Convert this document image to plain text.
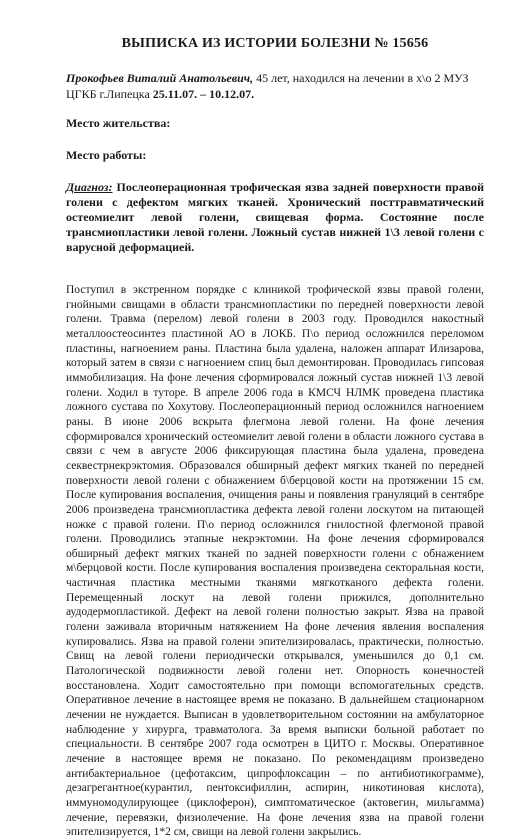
ВЫПИСКА ИЗ ИСТОРИИ БОЛЕЗНИ № 15656

Прокофьев Виталий Анатольевич, 45 лет, находился на лечении в х\о 2 МУЗ ЦГКБ г.Липецка 25.11.07. – 10.12.07.

Место жительства:

Место работы:

Диагноз: Послеоперационная трофическая язва задней поверхности правой голени с дефектом мягких тканей. Хронический посттравматический остеомиелит левой голени, свищевая форма. Состояние после трансмиопластики левой голени. Ложный сустав нижней 1\3 левой голени с варусной деформацией.

Поступил в экстренном порядке с клиникой трофической язвы правой голени, гнойными свищами в области трансмиопластики по передней поверхности левой голени. Травма (перелом) левой голени в 2003 году. Проводился накостный металлоостеосинтез пластиной АО в ЛОКБ. П\о период осложнился переломом пластины, нагноением раны. Пластина была удалена, наложен аппарат Илизарова, который затем в связи с нагноением спиц был демонтирован. Проводилась гипсовая иммобилизация. На фоне лечения сформировался ложный сустав нижней 1\3 левой голени. Ходил в туторе. В апреле 2006 года в КМСЧ НЛМК проведена пластика ложного сустава по Хохутову. Послеоперационный период осложнился нагноением раны. В июне 2006 вскрыта флегмона левой голени. На фоне лечения сформировался хронический остеомиелит левой голени в области ложного сустава в связи с чем в августе 2006 фиксирующая пластина была удалена, проведена секвестрнекрэктомия. Образовался обширный дефект мягких тканей по передней поверхности левой голени с обнажением б\берцовой кости на протяжении 15 см. После купирования воспаления, очищения раны и появления грануляций в сентябре 2006 произведена трансмиопластика дефекта левой голени лоскутом на питающей ножке с правой голени. П\о период осложнился гнилостной флегмоной правой голени. Проводились этапные некрэктомии. На фоне лечения сформировался обширный дефект мягких тканей по задней поверхности голени с обнажением м\берцовой кости. После купирования воспаления произведена секторальная кости, частичная пластика местными тканями мягкотканого дефекта голени. Перемещенный лоскут на левой голени прижился, дополнительно аудодермопластикой. Дефект на левой голени полностью закрыт. Язва на правой голени заживала вторичным натяжением На фоне лечения явления воспаления купировались. Язва на правой голени эпителизировалась, практически, полностью. Свищ на левой голени периодически открывался, уменьшился до 0,1 см. Патологической подвижности левой голени нет. Опорность конечностей восстановлена. Ходит самостоятельно при помощи вспомогательных средств. Оперативное лечение в настоящее время не показано. В дальнейшем стационарном лечении не нуждается. Выписан в удовлетворительном состоянии на амбулаторное наблюдение у хирурга, травматолога. За время выписки больной работает по специальности. В сентябре 2007 года осмотрен в ЦИТО г. Москвы. Оперативное лечение в настоящее время не показано. По рекомендациям произведено антибактериальное (цефотаксим, ципрофлоксацин – по антибиотикограмме), дезагрегантное(курантил, пентоксифиллин, аспирин, никотиновая кислота), иммуномодулирующее (циклоферон), симптоматическое (актовегин, мильгамма) лечение, перевязки, физиолечение. На фоне лечения язва на правой голени эпителизируется, 1*2 см, свищи на левой голени закрылись.
